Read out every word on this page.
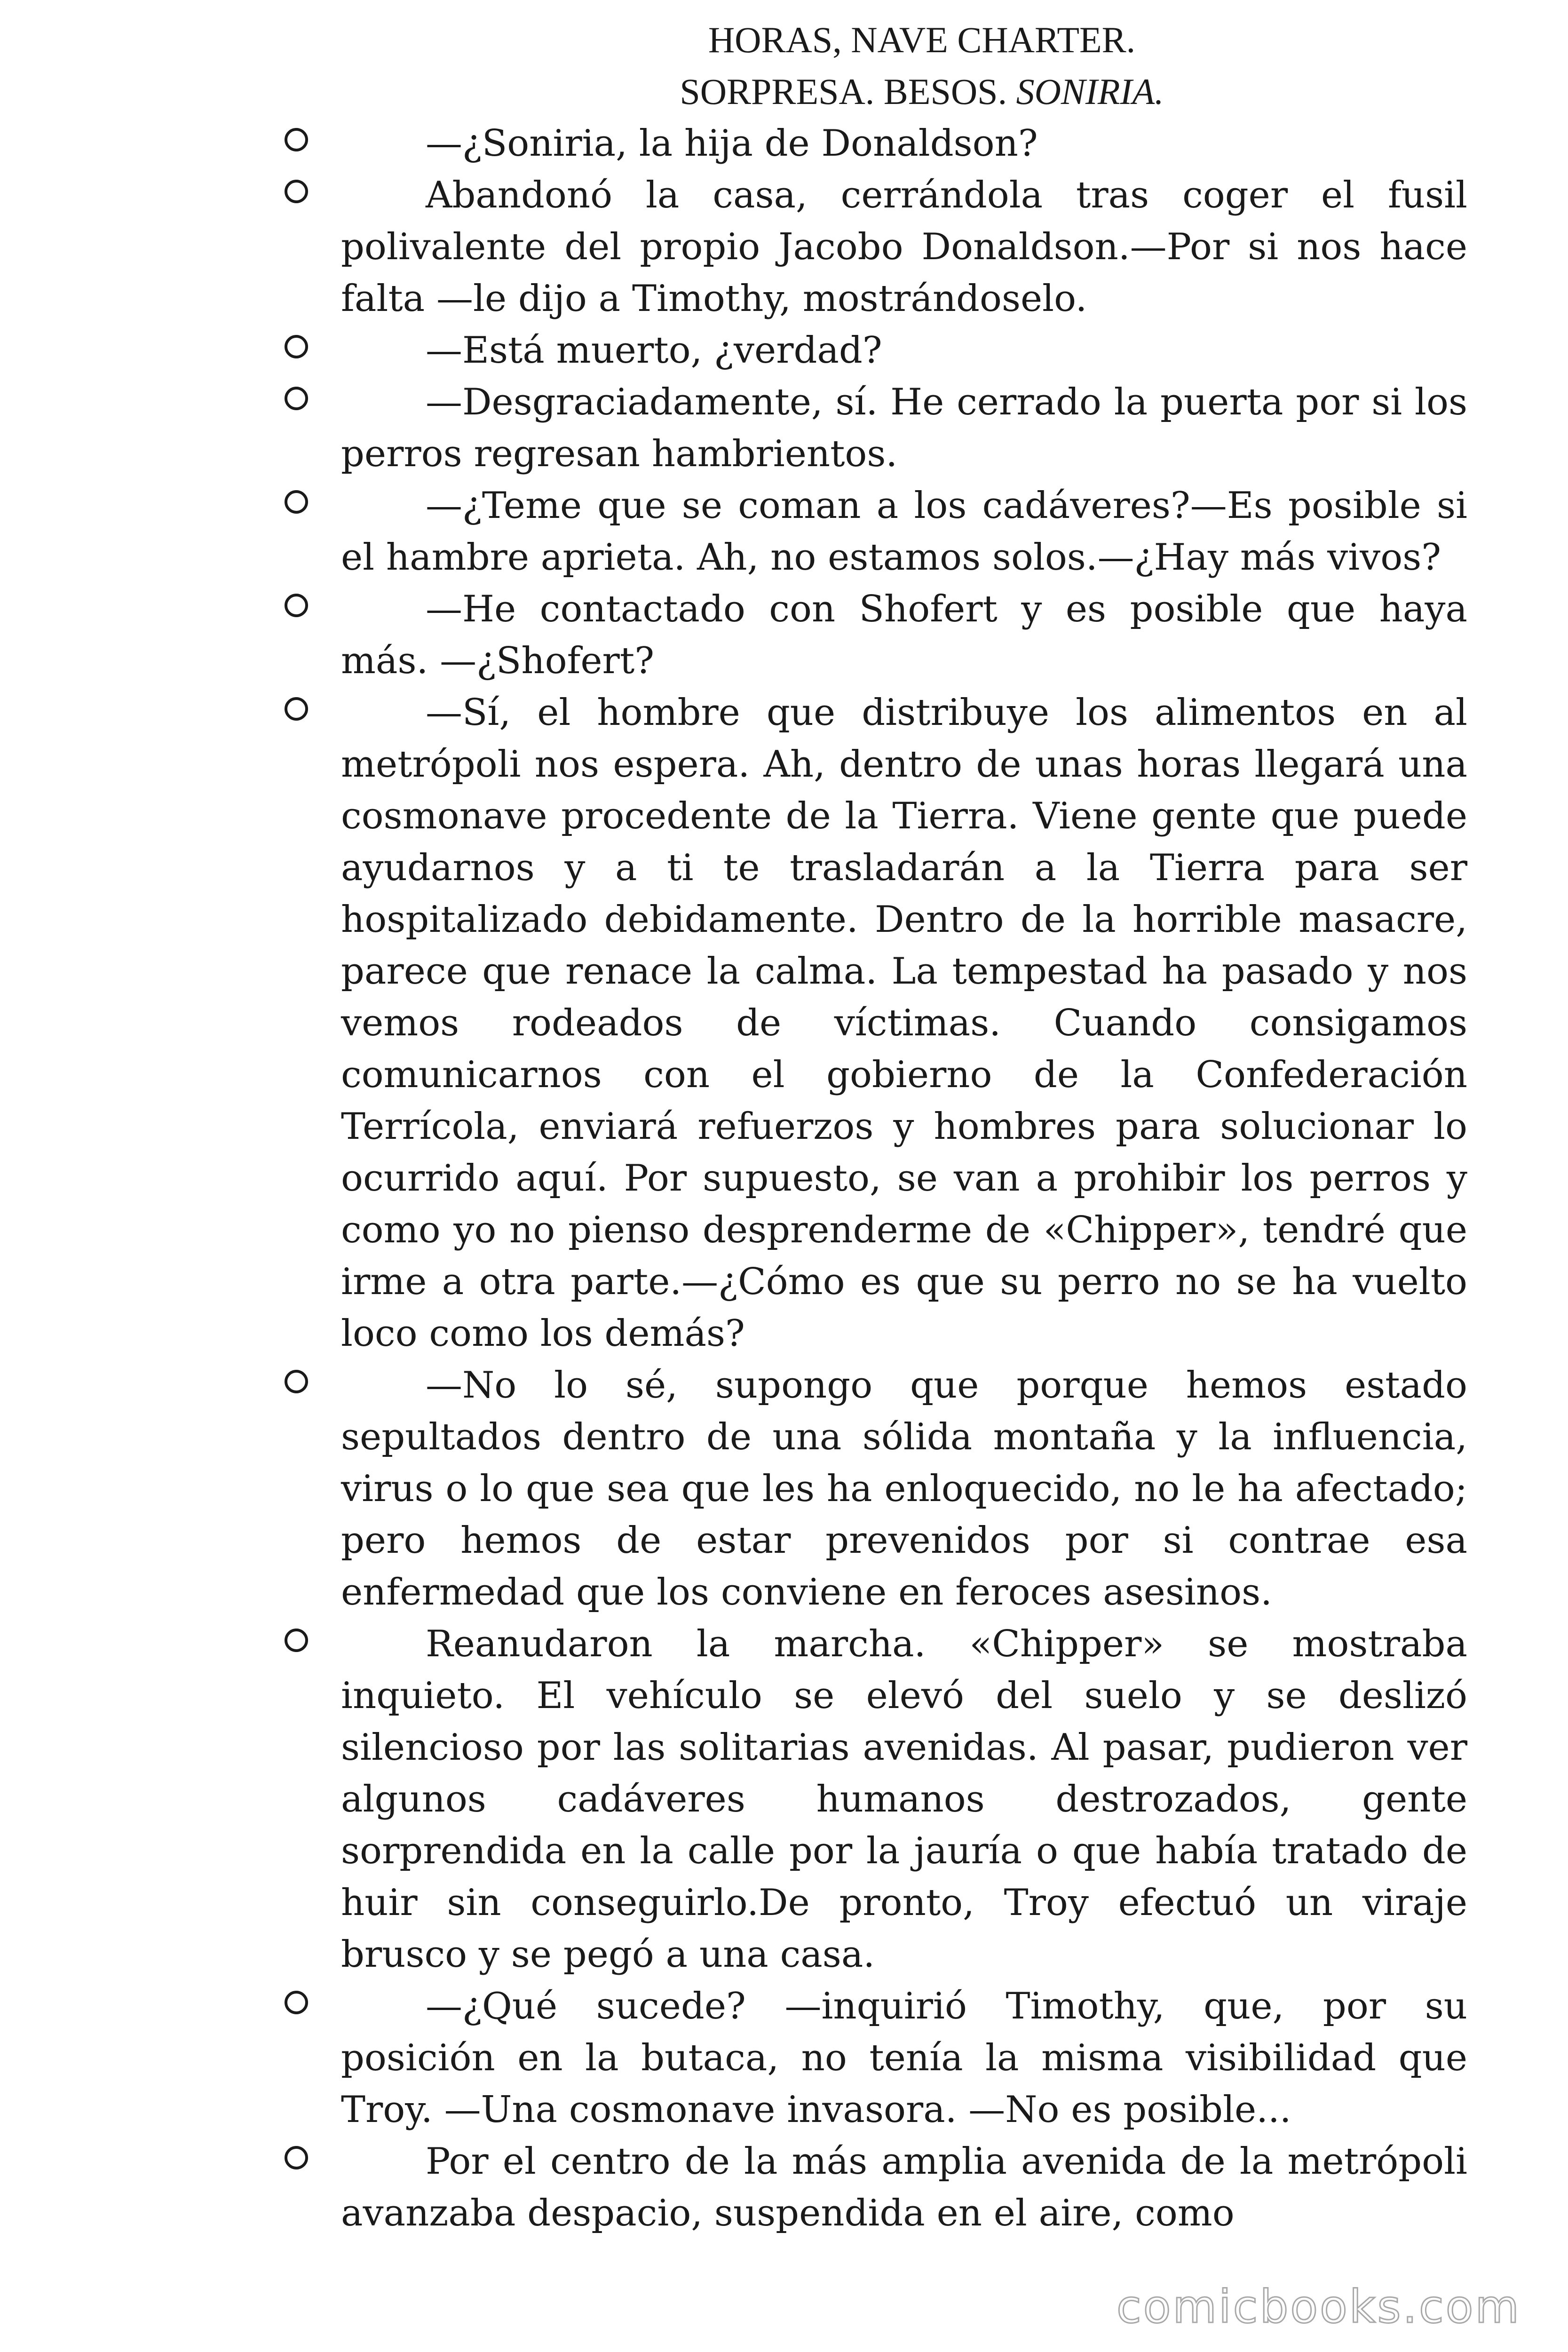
HORAS, NAVE CHARTER.
SORPRESA. BESOS. SONIRIA.

—¿Soniria, la hija de Donaldson?

Abandonó la casa, cerrándola tras coger el fusil polivalente del propio Jacobo Donaldson.—Por si nos hace falta —le dijo a Timothy, mostrándoselo.

—Está muerto, ¿verdad?

—Desgraciadamente, sí. He cerrado la puerta por si los perros regresan hambrientos.

—¿Teme que se coman a los cadáveres?—Es posible si el hambre aprieta. Ah, no estamos solos.—¿Hay más vivos?

—He contactado con Shofert y es posible que haya más. —¿Shofert?

—Sí, el hombre que distribuye los alimentos en al metrópoli nos espera. Ah, dentro de unas horas llegará una cosmonave procedente de la Tierra. Viene gente que puede ayudarnos y a ti te trasladarán a la Tierra para ser hospitalizado debidamente. Dentro de la horrible masacre, parece que renace la calma. La tempestad ha pasado y nos vemos rodeados de víctimas. Cuando consigamos comunicarnos con el gobierno de la Confederación Terrícola, enviará refuerzos y hombres para solucionar lo ocurrido aquí. Por supuesto, se van a prohibir los perros y como yo no pienso desprenderme de «Chipper», tendré que irme a otra parte.—¿Cómo es que su perro no se ha vuelto loco como los demás?

—No lo sé, supongo que porque hemos estado sepultados dentro de una sólida montaña y la influencia, virus o lo que sea que les ha enloquecido, no le ha afectado; pero hemos de estar prevenidos por si contrae esa enfermedad que los conviene en feroces asesinos.

Reanudaron la marcha. «Chipper» se mostraba inquieto. El vehículo se elevó del suelo y se deslizó silencioso por las solitarias avenidas. Al pasar, pudieron ver algunos cadáveres humanos destrozados, gente sorprendida en la calle por la jauría o que había tratado de huir sin conseguirlo.De pronto, Troy efectuó un viraje brusco y se pegó a una casa.

—¿Qué sucede? —inquirió Timothy, que, por su posición en la butaca, no tenía la misma visibilidad que Troy. —Una cosmonave invasora. —No es posible...

Por el centro de la más amplia avenida de la metrópoli avanzaba despacio, suspendida en el aire, como

comicbooks.com
